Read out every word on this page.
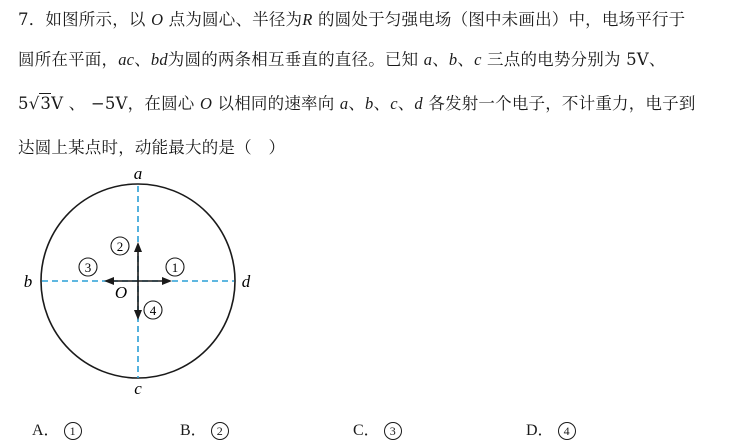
7．如图所示，以 O 点为圆心、半径为R 的圆处于匀强电场（图中未画出）中，电场平行于
圆所在平面，ac、bd为圆的两条相互垂直的直径。已知 a、b、c 三点的电势分别为 5V、
5√3V 、 −5V，在圆心 O 以相同的速率向 a、b、c、d 各发射一个电子，不计重力，电子到
达圆上某点时，动能最大的是（　）
2
3	1
4
a
b
c
d
O
A． 1	B． 2	C． 3	D． 4
